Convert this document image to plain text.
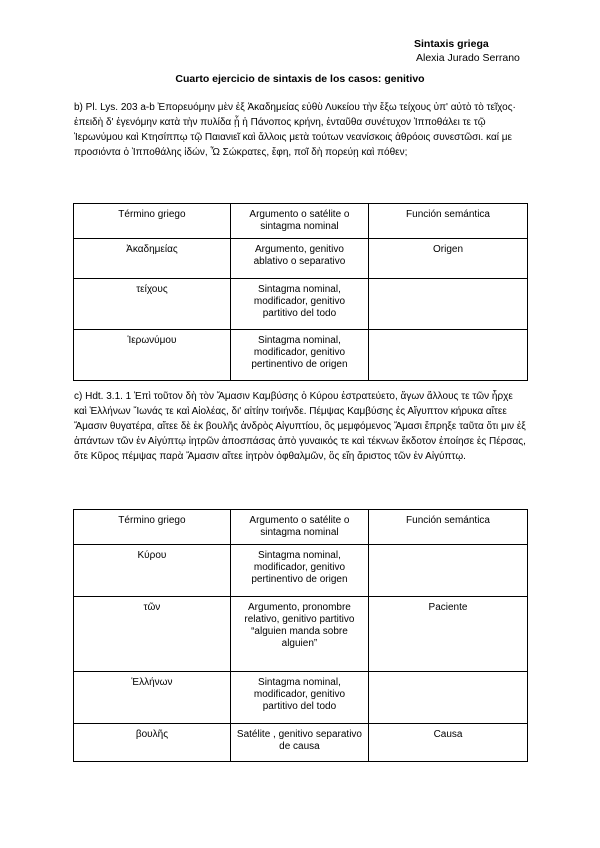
Sintaxis griega
Alexia Jurado Serrano
Cuarto ejercicio de sintaxis de los casos: genitivo

b) Pl. Lys. 203 a-b Ἐπορευόμην μὲν ἐξ Ἀκαδημείας εὐθὺ Λυκείου τὴν ἔξω τείχους ὑπ' αὐτὸ τὸ τεῖχος· ἐπειδὴ δ' ἐγενόμην κατὰ τὴν πυλίδα ᾗ ἡ Πάνοπος κρήνη, ἐνταῦθα συνέτυχον Ἱπποθάλει τε τῷ Ἱερωνύμου καὶ Κτησίππῳ τῷ Παιανιεῖ καὶ ἄλλοις μετὰ τούτων νεανίσκοις ἀθρόοις συνεστῶσι. καί με προσιόντα ὁ Ἱπποθάλης ἰδών, Ὦ Σώκρατες, ἔφη, ποῖ δὴ πορεύῃ καὶ πόθεν;

Término griego	Argumento o satélite o sintagma nominal	Función semántica
Ἀκαδημείας	Argumento, genitivo ablativo o separativo	Origen
τείχους	Sintagma nominal, modificador, genitivo partitivo del todo	
Ἱερωνύμου	Sintagma nominal, modificador, genitivo pertinentivo de origen	

c) Hdt. 3.1. 1 Ἐπὶ τοῦτον δὴ τὸν Ἄμασιν Καμβύσης ὁ Κύρου ἐστρατεύετο, ἄγων ἄλλους τε τῶν ἦρχε καὶ Ἑλλήνων Ἴωνάς τε καὶ Αἰολέας, δι' αἰτίην τοιήνδε. Πέμψας Καμβύσης ἐς Αἴγυπτον κήρυκα αἴτεε Ἄμασιν θυγατέρα, αἴτεε δὲ ἐκ βουλῆς ἀνδρὸς Αἰγυπτίου, ὃς μεμφόμενος Ἄμασι ἔπρηξε ταῦτα ὅτι μιν ἐξ ἁπάντων τῶν ἐν Αἰγύπτῳ ἰητρῶν ἀποσπάσας ἀπὸ γυναικός τε καὶ τέκνων ἔκδοτον ἐποίησε ἐς Πέρσας, ὅτε Κῦρος πέμψας παρὰ Ἄμασιν αἴτεε ἰητρὸν ὀφθαλμῶν, ὃς εἴη ἄριστος τῶν ἐν Αἰγύπτῳ.

Término griego	Argumento o satélite o sintagma nominal	Función semántica
Κύρου	Sintagma nominal, modificador, genitivo pertinentivo de origen	
τῶν	Argumento, pronombre relativo, genitivo partitivo “alguien manda sobre alguien”	Paciente
Ἑλλήνων	Sintagma nominal, modificador, genitivo partitivo del todo	
βουλῆς	Satélite , genitivo separativo de causa	Causa
